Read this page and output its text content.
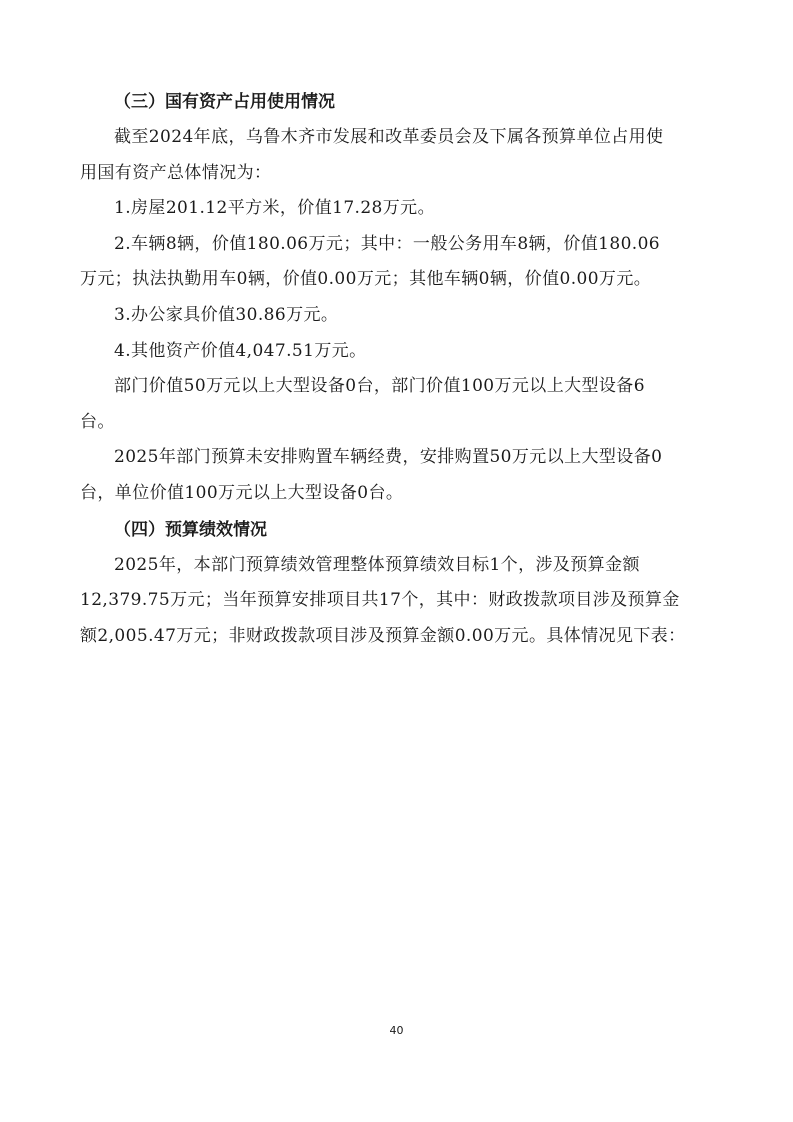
（三）国有资产占用使用情况

截至2024年底，乌鲁木齐市发展和改革委员会及下属各预算单位占用使
用国有资产总体情况为：

1.房屋201.12平方米，价值17.28万元。

2.车辆8辆，价值180.06万元；其中：一般公务用车8辆，价值180.06
万元；执法执勤用车0辆，价值0.00万元；其他车辆0辆，价值0.00万元。

3.办公家具价值30.86万元。

4.其他资产价值4,047.51万元。

部门价值50万元以上大型设备0台，部门价值100万元以上大型设备6
台。

2025年部门预算未安排购置车辆经费，安排购置50万元以上大型设备0
台，单位价值100万元以上大型设备0台。

（四）预算绩效情况

2025年，本部门预算绩效管理整体预算绩效目标1个，涉及预算金额
12,379.75万元；当年预算安排项目共17个，其中：财政拨款项目涉及预算金
额2,005.47万元；非财政拨款项目涉及预算金额0.00万元。具体情况见下表：

40
